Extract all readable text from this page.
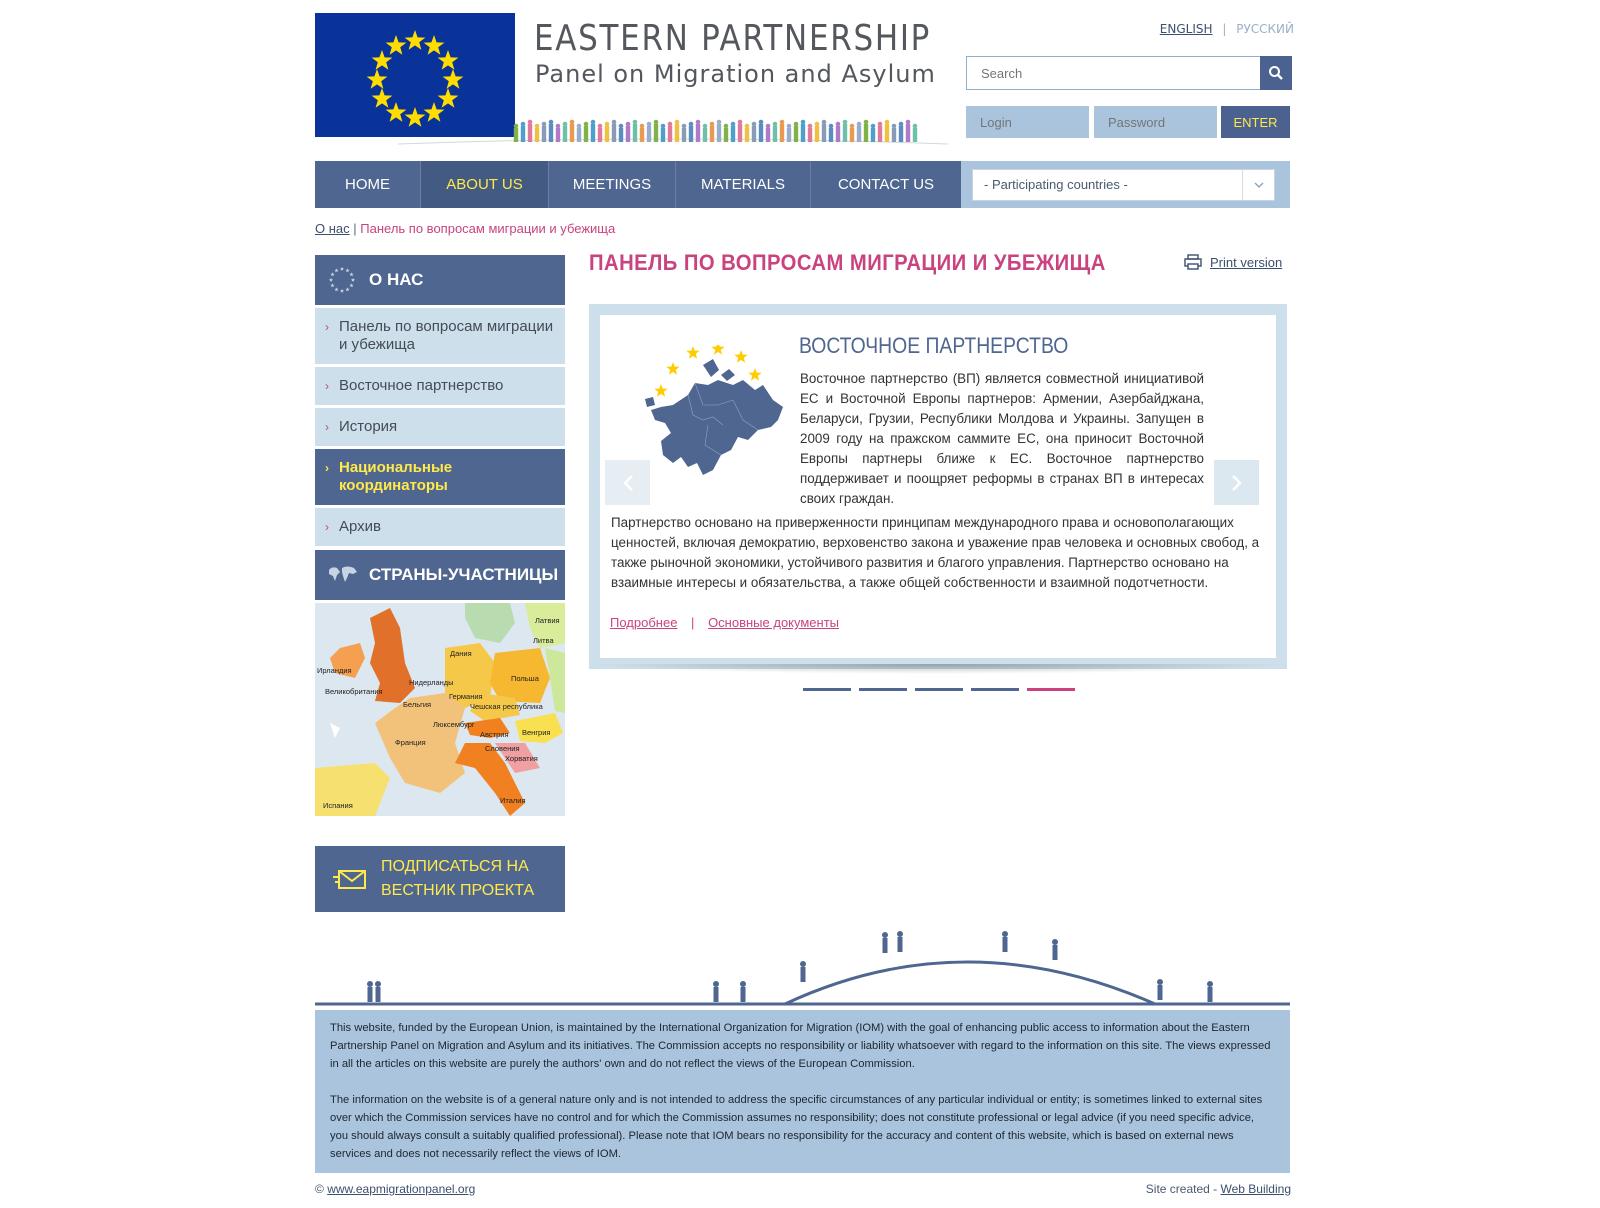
EASTERN PARTNERSHIP
Panel on Migration and Asylum
ENGLISH | РУССКИЙ
Search
Login
ENTER
HOME	ABOUT US	MEETINGS	MATERIALS	CONTACT US	- Participating countries -
О нас | Панель по вопросам миграции и убежища
О НАС
› Панель по вопросам миграции и убежища
› Восточное партнерство
› История
› Национальные координаторы
› Архив
СТРАНЫ-УЧАСТНИЦЫ
Ирландия
Великобритания
Нидерланды
Бельгия
Дания
Германия
Польша
Чешская республика
Люксембург
Франция
Австрия Венгрия
Словения
Хорватия
Италия
Испания
Латвия
Литва
ПОДПИСАТЬСЯ НА ВЕСТНИК ПРОЕКТА
ПАНЕЛЬ ПО ВОПРОСАМ МИГРАЦИИ И УБЕЖИЩА	Print version
ВОСТОЧНОЕ ПАРТНЕРСТВО
Восточное партнерство (ВП) является совместной инициативой ЕС и Восточной Европы партнеров: Армении, Азербайджана, Беларуси, Грузии, Республики Молдова и Украины. Запущен в 2009 году на пражском саммите ЕС, она приносит Восточной Европы партнеры ближе к ЕС. Восточное партнерство поддерживает и поощряет реформы в странах ВП в интересах своих граждан.
Партнерство основано на приверженности принципам международного права и основополагающих ценностей, включая демократию, верховенство закона и уважение прав человека и основных свобод, а также рыночной экономики, устойчивого развития и благого управления. Партнерство основано на взаимные интересы и обязательства, а также общей собственности и взаимной подотчетности.
Подробнее | Основные документы

This website, funded by the European Union, is maintained by the International Organization for Migration (IOM) with the goal of enhancing public access to information about the Eastern Partnership Panel on Migration and Asylum and its initiatives. The Commission accepts no responsibility or liability whatsoever with regard to the information on this site. The views expressed in all the articles on this website are purely the authors' own and do not reflect the views of the European Commission.

The information on the website is of a general nature only and is not intended to address the specific circumstances of any particular individual or entity; is sometimes linked to external sites over which the Commission services have no control and for which the Commission assumes no responsibility; does not constitute professional or legal advice (if you need specific advice, you should always consult a suitably qualified professional). Please note that IOM bears no responsibility for the accuracy and content of this website, which is based on external news services and does not necessarily reflect the views of IOM.

© www.eapmigrationpanel.org	Site created - Web Building
